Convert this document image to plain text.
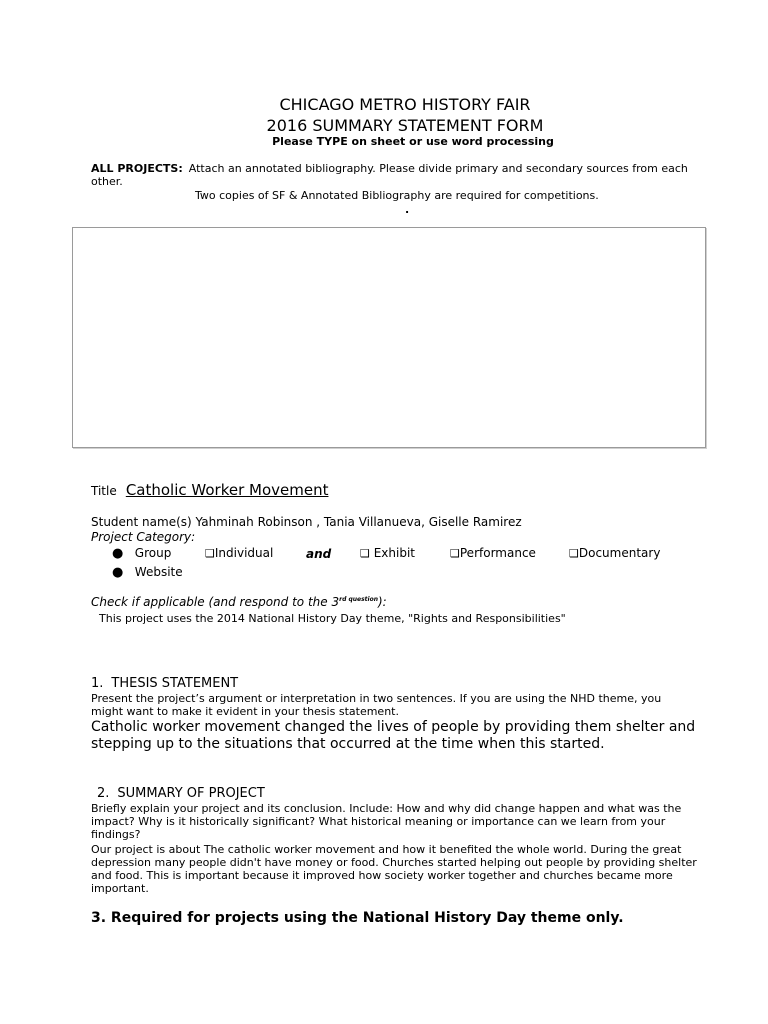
CHICAGO METRO HISTORY FAIR
2016 SUMMARY STATEMENT FORM
Please TYPE on sheet or use word processing
ALL PROJECTS: Attach an annotated bibliography. Please divide primary and secondary sources from each other.
Two copies of SF & Annotated Bibliography are required for competitions.
.
Title Catholic Worker Movement
Student name(s) Yahminah Robinson , Tania Villanueva, Giselle Ramirez
Project Category:
● Group	❑Individual	and	❑ Exhibit	❑Performance	❑Documentary
● Website
Check if applicable (and respond to the $3^{rd question}$):
This project uses the 2014 National History Day theme, "Rights and Responsibilities"
1. THESIS STATEMENT
Present the project’s argument or interpretation in two sentences. If you are using the NHD theme, you might want to make it evident in your thesis statement.
Catholic worker movement changed the lives of people by providing them shelter and stepping up to the situations that occurred at the time when this started.
2. SUMMARY OF PROJECT
Briefly explain your project and its conclusion. Include: How and why did change happen and what was the impact? Why is it historically significant? What historical meaning or importance can we learn from your findings?
Our project is about The catholic worker movement and how it benefited the whole world. During the great depression many people didn't have money or food. Churches started helping out people by providing shelter and food. This is important because it improved how society worker together and churches became more important.
3. Required for projects using the National History Day theme only.
